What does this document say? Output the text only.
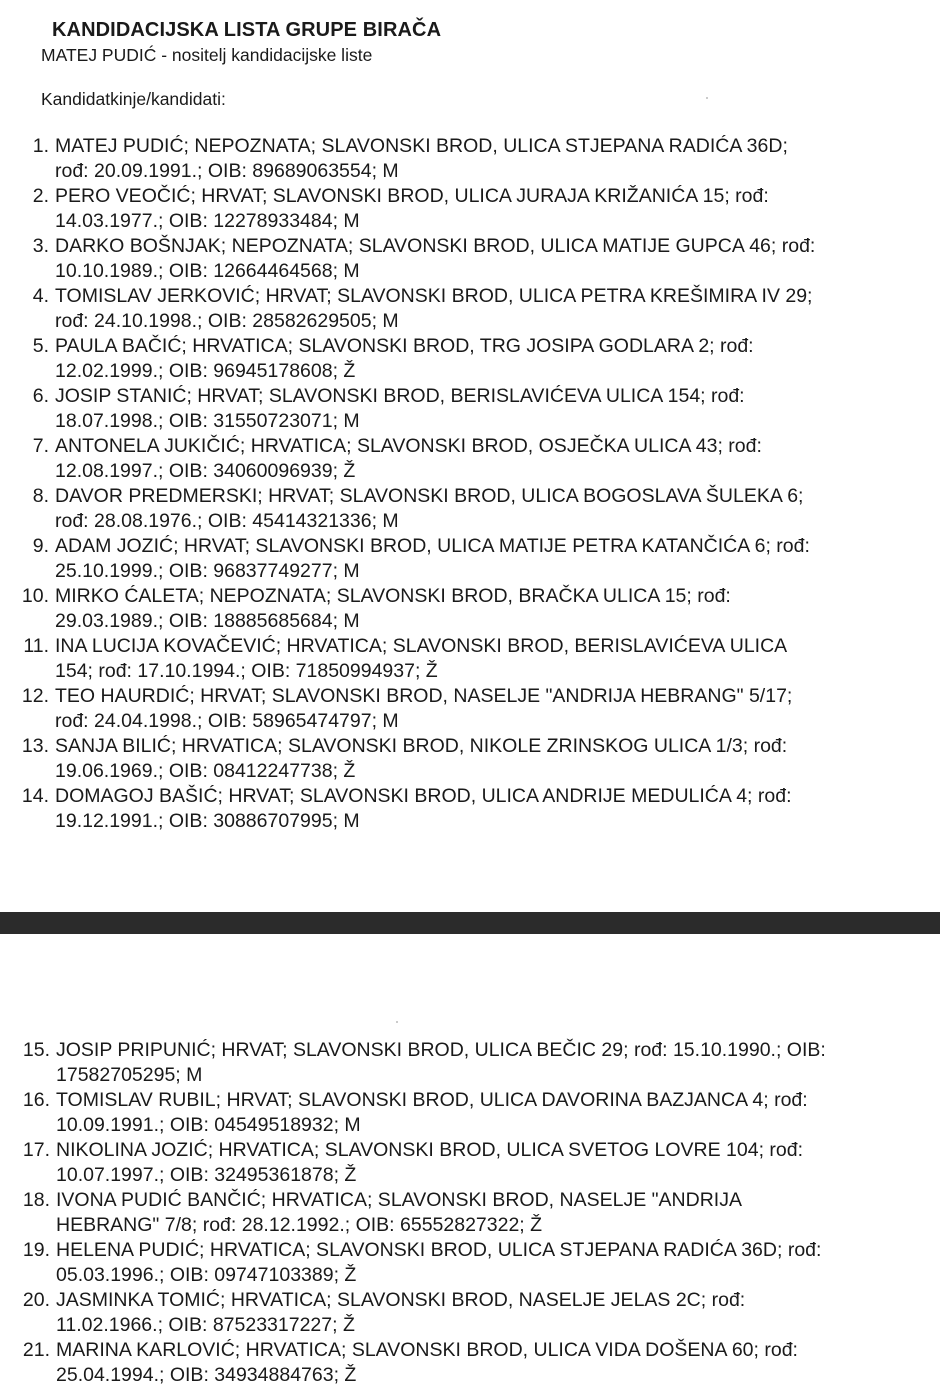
KANDIDACIJSKA LISTA GRUPE BIRAČA
MATEJ PUDIĆ - nositelj kandidacijske liste
Kandidatkinje/kandidati:
1. MATEJ PUDIĆ; NEPOZNATA; SLAVONSKI BROD, ULICA STJEPANA RADIĆA 36D;
rođ: 20.09.1991.; OIB: 89689063554; M
2. PERO VEOČIĆ; HRVAT; SLAVONSKI BROD, ULICA JURAJA KRIŽANIĆA 15; rođ:
14.03.1977.; OIB: 12278933484; M
3. DARKO BOŠNJAK; NEPOZNATA; SLAVONSKI BROD, ULICA MATIJE GUPCA 46; rođ:
10.10.1989.; OIB: 12664464568; M
4. TOMISLAV JERKOVIĆ; HRVAT; SLAVONSKI BROD, ULICA PETRA KREŠIMIRA IV 29;
rođ: 24.10.1998.; OIB: 28582629505; M
5. PAULA BAČIĆ; HRVATICA; SLAVONSKI BROD, TRG JOSIPA GODLARA 2; rođ:
12.02.1999.; OIB: 96945178608; Ž
6. JOSIP STANIĆ; HRVAT; SLAVONSKI BROD, BERISLAVIĆEVA ULICA 154; rođ:
18.07.1998.; OIB: 31550723071; M
7. ANTONELA JUKIČIĆ; HRVATICA; SLAVONSKI BROD, OSJEČKA ULICA 43; rođ:
12.08.1997.; OIB: 34060096939; Ž
8. DAVOR PREDMERSKI; HRVAT; SLAVONSKI BROD, ULICA BOGOSLAVA ŠULEKA 6;
rođ: 28.08.1976.; OIB: 45414321336; M
9. ADAM JOZIĆ; HRVAT; SLAVONSKI BROD, ULICA MATIJE PETRA KATANČIĆA 6; rođ:
25.10.1999.; OIB: 96837749277; M
10. MIRKO ĆALETA; NEPOZNATA; SLAVONSKI BROD, BRAČKA ULICA 15; rođ:
29.03.1989.; OIB: 18885685684; M
11. INA LUCIJA KOVAČEVIĆ; HRVATICA; SLAVONSKI BROD, BERISLAVIĆEVA ULICA
154; rođ: 17.10.1994.; OIB: 71850994937; Ž
12. TEO HAURDIĆ; HRVAT; SLAVONSKI BROD, NASELJE "ANDRIJA HEBRANG" 5/17;
rođ: 24.04.1998.; OIB: 58965474797; M
13. SANJA BILIĆ; HRVATICA; SLAVONSKI BROD, NIKOLE ZRINSKOG ULICA 1/3; rođ:
19.06.1969.; OIB: 08412247738; Ž
14. DOMAGOJ BAŠIĆ; HRVAT; SLAVONSKI BROD, ULICA ANDRIJE MEDULIĆA 4; rođ:
19.12.1991.; OIB: 30886707995; M
15. JOSIP PRIPUNIĆ; HRVAT; SLAVONSKI BROD, ULICA BEČIC 29; rođ: 15.10.1990.; OIB:
17582705295; M
16. TOMISLAV RUBIL; HRVAT; SLAVONSKI BROD, ULICA DAVORINA BAZJANCA 4; rođ:
10.09.1991.; OIB: 04549518932; M
17. NIKOLINA JOZIĆ; HRVATICA; SLAVONSKI BROD, ULICA SVETOG LOVRE 104; rođ:
10.07.1997.; OIB: 32495361878; Ž
18. IVONA PUDIĆ BANČIĆ; HRVATICA; SLAVONSKI BROD, NASELJE "ANDRIJA
HEBRANG" 7/8; rođ: 28.12.1992.; OIB: 65552827322; Ž
19. HELENA PUDIĆ; HRVATICA; SLAVONSKI BROD, ULICA STJEPANA RADIĆA 36D; rođ:
05.03.1996.; OIB: 09747103389; Ž
20. JASMINKA TOMIĆ; HRVATICA; SLAVONSKI BROD, NASELJE JELAS 2C; rođ:
11.02.1966.; OIB: 87523317227; Ž
21. MARINA KARLOVIĆ; HRVATICA; SLAVONSKI BROD, ULICA VIDA DOŠENA 60; rođ:
25.04.1994.; OIB: 34934884763; Ž
